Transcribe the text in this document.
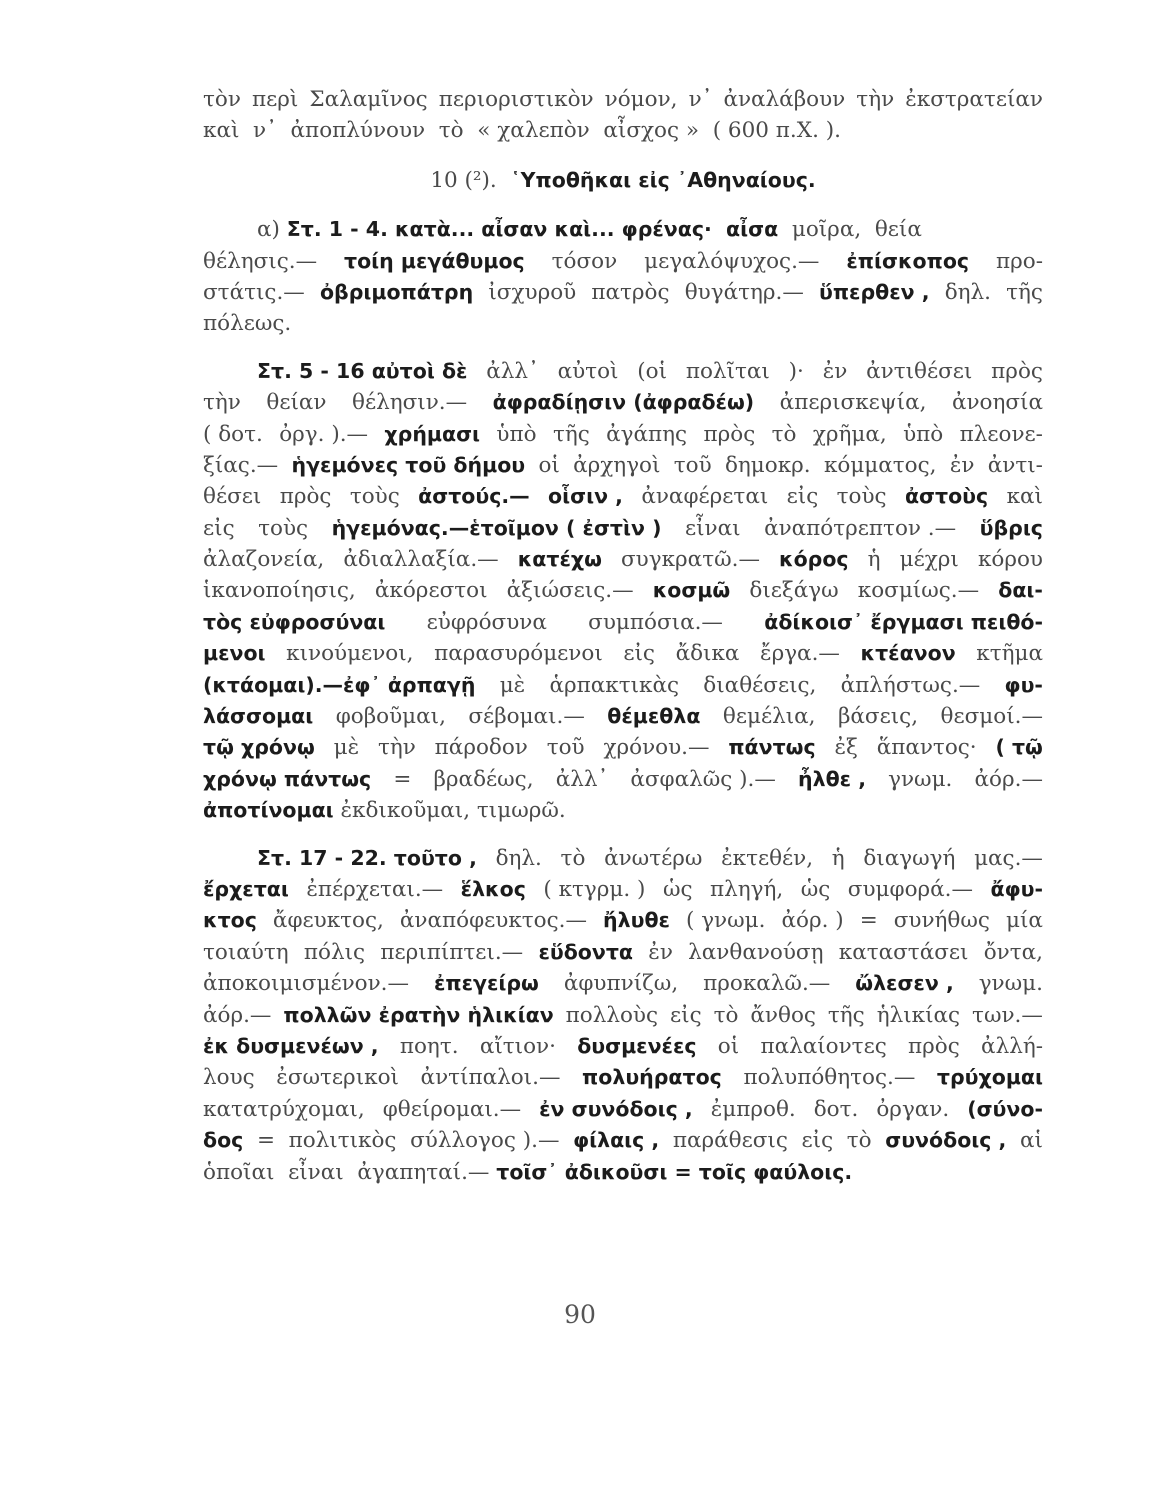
τὸν περὶ Σαλαμῖνος περιοριστικὸν νόμον, ν᾽ ἀναλάβουν τὴν ἐκστρατείαν
καὶ  ν᾽  ἀποπλύνουν  τὸ  « χαλεπὸν  αἶσχος »  ( 600 π.Χ. ).
10 (²).
῾Υποθῆκαι εἰς ᾿Αθηναίους.
α) Στ. 1 - 4. κατὰ... αἶσαν καὶ... φρένας·  αἶσα μοῖρα,  θεία
θέλησις.— τοίη μεγάθυμος τόσον μεγαλόψυχος.— ἐπίσκοπος προ-
στάτις.— ὀβριμοπάτρη ἰσχυροῦ πατρὸς θυγάτηρ.— ὕπερθεν , δηλ. τῆς
πόλεως.
Στ. 5 - 16 αὐτοὶ δὲ ἀλλ᾽ αὐτοὶ (οἱ πολῖται )· ἐν ἀντιθέσει πρὸς
τὴν θείαν θέλησιν.— ἀφραδίῃσιν (ἀφραδέω) ἀπερισκεψία, ἀνοησία
( δοτ. ὀργ. ).— χρήμασι ὑπὸ τῆς ἀγάπης πρὸς τὸ χρῆμα, ὑπὸ πλεονε-
ξίας.— ἡγεμόνες τοῦ δήμου οἱ ἀρχηγοὶ τοῦ δημοκρ. κόμματος, ἐν ἀντι-
θέσει πρὸς τοὺς ἀστούς.— οἷσιν , ἀναφέρεται εἰς τοὺς ἀστοὺς καὶ
εἰς τοὺς ἡγεμόνας.—ἑτοῖμον ( ἐστὶν ) εἶναι ἀναπότρεπτον .— ὕβρις
ἀλαζονεία, ἀδιαλλαξία.— κατέχω συγκρατῶ.— κόρος ἡ μέχρι κόρου
ἱκανοποίησις, ἀκόρεστοι ἀξιώσεις.— κοσμῶ διεξάγω κοσμίως.— δαι-
τὸς εὐφροσύναι εὐφρόσυνα συμπόσια.— ἀδίκοισ᾽ ἔργμασι πειθό-
μενοι κινούμενοι, παρασυρόμενοι εἰς ἄδικα ἔργα.— κτέανον κτῆμα
(κτάομαι).—ἐφ᾽ ἀρπαγῇ μὲ ἁρπακτικὰς διαθέσεις, ἀπλήστως.— φυ-
λάσσομαι φοβοῦμαι, σέβομαι.— θέμεθλα θεμέλια, βάσεις, θεσμοί.—
τῷ χρόνῳ μὲ τὴν πάροδον τοῦ χρόνου.— πάντως ἐξ ἅπαντος· ( τῷ
χρόνῳ πάντως = βραδέως, ἀλλ᾽ ἀσφαλῶς ).— ἦλθε , γνωμ. ἀόρ.—
ἀποτίνομαι ἐκδικοῦμαι, τιμωρῶ.
Στ. 17 - 22. τοῦτο , δηλ. τὸ ἀνωτέρω ἐκτεθέν, ἡ διαγωγή μας.—
ἔρχεται ἐπέρχεται.— ἕλκος ( κτγρμ. ) ὡς πληγή, ὡς συμφορά.— ἄφυ-
κτος ἄφευκτος, ἀναπόφευκτος.— ἤλυθε ( γνωμ. ἀόρ. ) = συνήθως μία
τοιαύτη πόλις περιπίπτει.— εὕδοντα ἐν λανθανούσῃ καταστάσει ὄντα,
ἀποκοιμισμένον.— ἐπεγείρω ἀφυπνίζω, προκαλῶ.— ὤλεσεν , γνωμ.
ἀόρ.— πολλῶν ἐρατὴν ἡλικίαν πολλοὺς εἰς τὸ ἄνθος τῆς ἡλικίας των.—
ἐκ δυσμενέων , ποητ. αἴτιον· δυσμενέες οἱ παλαίοντες πρὸς ἀλλή-
λους ἐσωτερικοὶ ἀντίπαλοι.— πολυήρατος πολυπόθητος.— τρύχομαι
κατατρύχομαι, φθείρομαι.— ἐν συνόδοις , ἐμπροθ. δοτ. ὀργαν. (σύνο-
δος = πολιτικὸς σύλλογος ).— φίλαις , παράθεσις εἰς τὸ συνόδοις , αἱ
ὁποῖαι  εἶναι  ἀγαπηταί.— τοῖσ᾽ ἀδικοῦσι = τοῖς φαύλοις.
90
